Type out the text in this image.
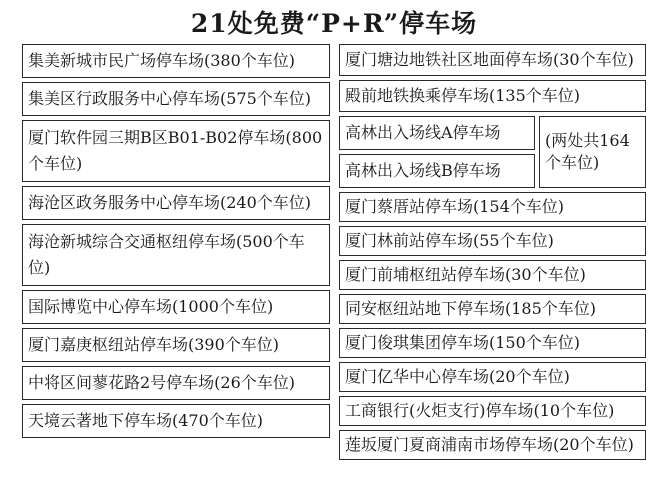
21处免费“P+R”停车场
集美新城市民广场停车场(380个车位)
集美区行政服务中心停车场(575个车位)
厦门软件园三期B区B01-B02停车场(800个车位)
海沧区政务服务中心停车场(240个车位)
海沧新城综合交通枢纽停车场(500个车位)
国际博览中心停车场(1000个车位)
厦门嘉庚枢纽站停车场(390个车位)
中将区间蓼花路2号停车场(26个车位)
天境云著地下停车场(470个车位)
厦门塘边地铁社区地面停车场(30个车位)
殿前地铁换乘停车场(135个车位)
高林出入场线A停车场
高林出入场线B停车场
(两处共164个车位)
厦门蔡厝站停车场(154个车位)
厦门林前站停车场(55个车位)
厦门前埔枢纽站停车场(30个车位)
同安枢纽站地下停车场(185个车位)
厦门俊琪集团停车场(150个车位)
厦门亿华中心停车场(20个车位)
工商银行(火炬支行)停车场(10个车位)
莲坂厦门夏商浦南市场停车场(20个车位)
